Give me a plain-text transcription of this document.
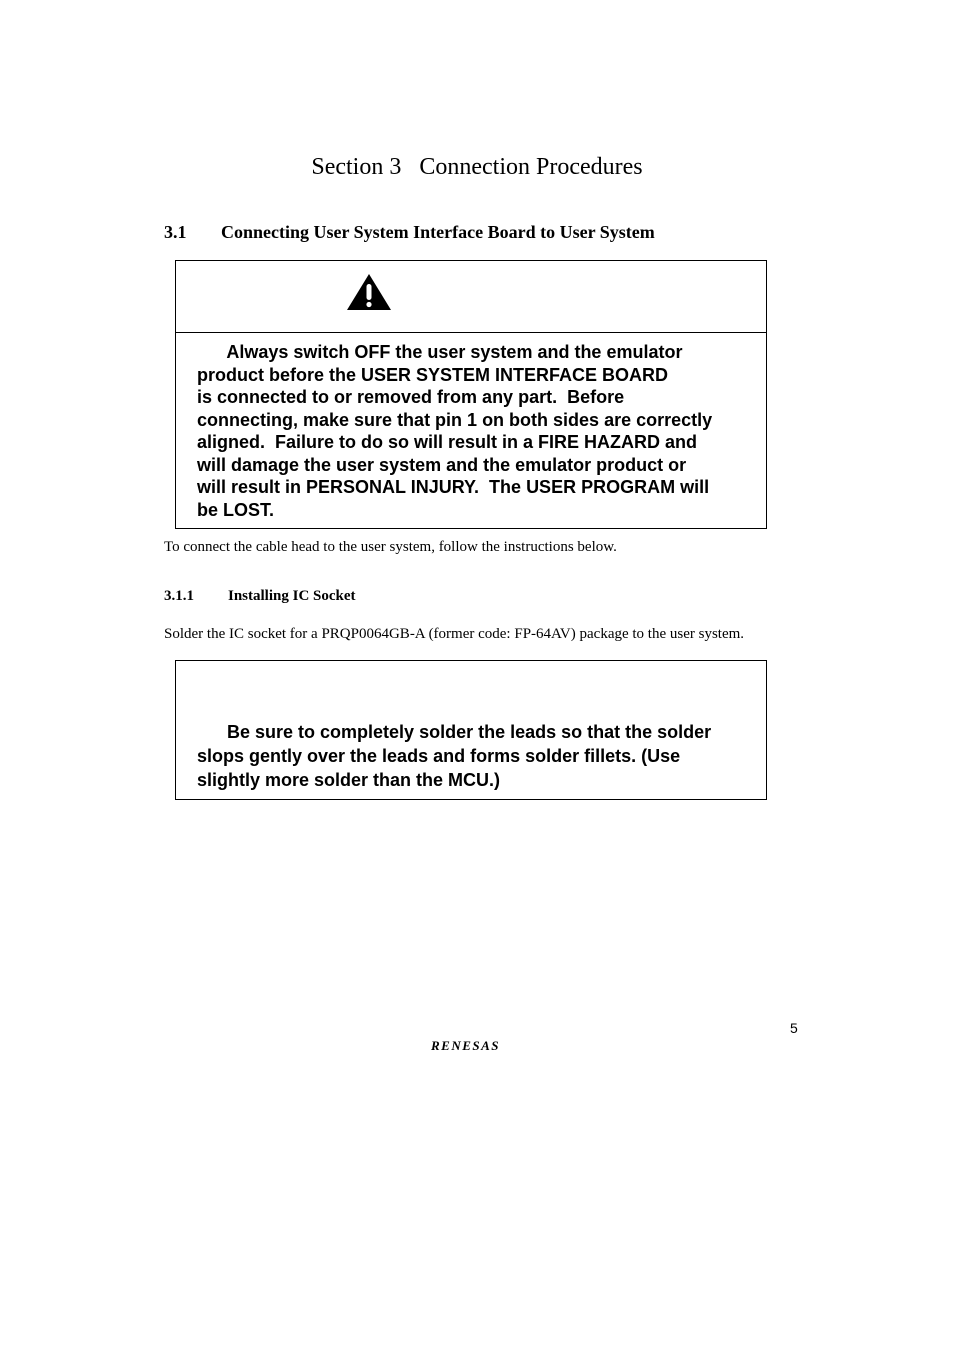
Section 3   Connection Procedures
3.1 Connecting User System Interface Board to User System
Always switch OFF the user system and the emulator
product before the USER SYSTEM INTERFACE BOARD
is connected to or removed from any part.  Before
connecting, make sure that pin 1 on both sides are correctly
aligned.  Failure to do so will result in a FIRE HAZARD and
will damage the user system and the emulator product or
will result in PERSONAL INJURY.  The USER PROGRAM will
be LOST.
To connect the cable head to the user system, follow the instructions below.
3.1.1 Installing IC Socket
Solder the IC socket for a PRQP0064GB-A (former code: FP-64AV) package to the user system.
Be sure to completely solder the leads so that the solder
slops gently over the leads and forms solder fillets. (Use
slightly more solder than the MCU.)
5
RENESAS
